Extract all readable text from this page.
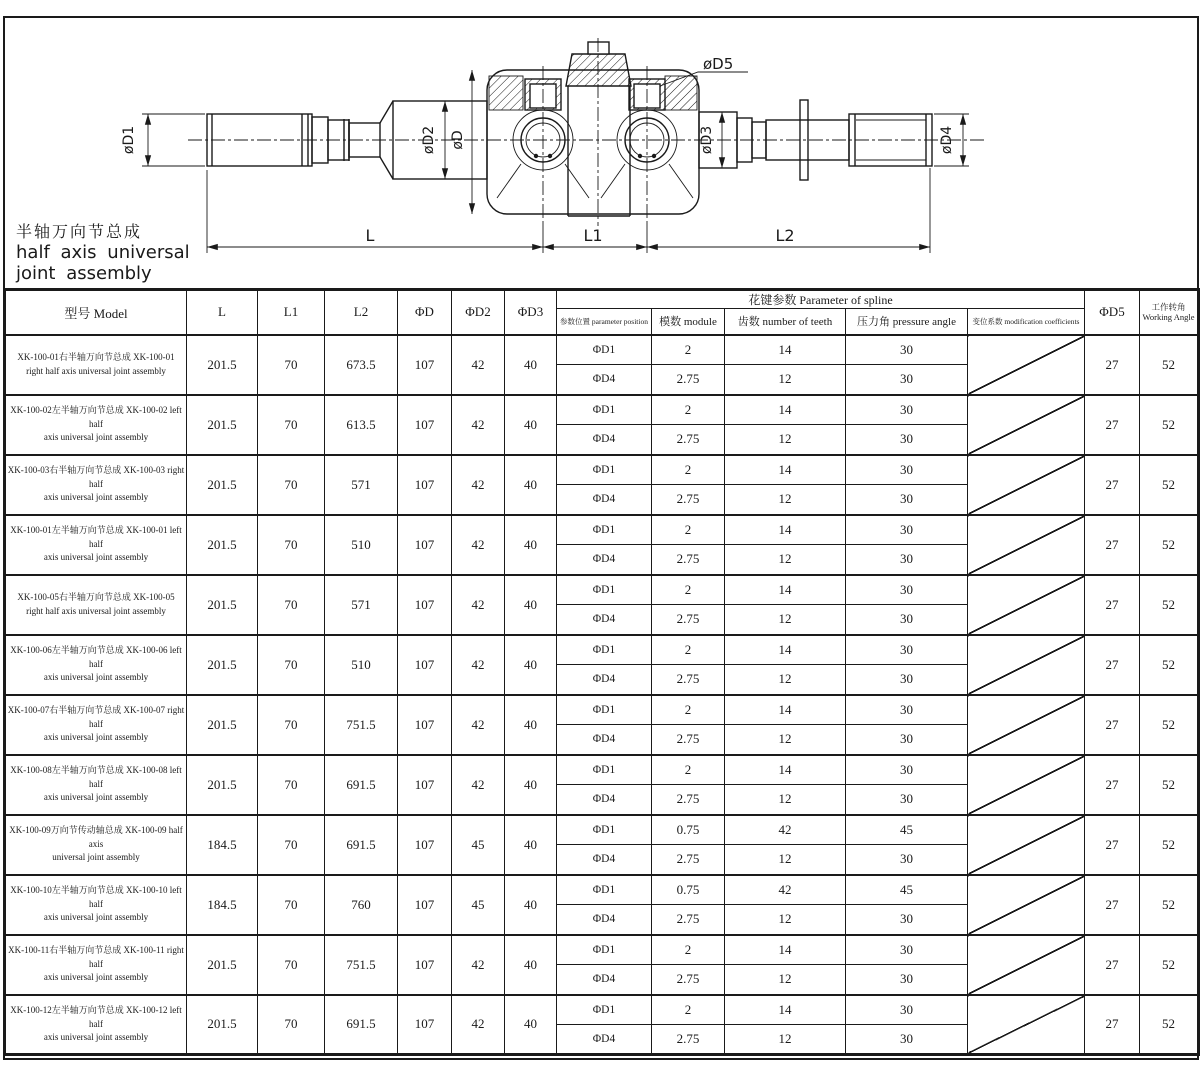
øD1	øD2 øD	øD3	øD4
øD5
L	L1	L2
半轴万向节总成
half axis universal
joint assembly
型号 Model	L	L1	L2	ΦD	ΦD2	ΦD3	花键参数 Parameter of spline					ΦD5	工作转角
Working Angle

							参数位置 parameter position	模数 module	齿数 number of teeth	压力角 pressure angle	变位系数 modification coefficients		

XK-100-01右半轴万向节总成 XK-100-01
right half axis universal joint assembly	201.5	70	673.5	107	42	40	ΦD1	2	14	30		27	52
							ΦD4	2.75	12	30			

XK-100-02左半轴万向节总成 XK-100-02 left half
axis universal joint assembly	201.5	70	613.5	107	42	40	ΦD1	2	14	30		27	52
							ΦD4	2.75	12	30			

XK-100-03右半轴万向节总成 XK-100-03 right half
axis universal joint assembly	201.5	70	571	107	42	40	ΦD1	2	14	30		27	52
							ΦD4	2.75	12	30			

XK-100-01左半轴万向节总成 XK-100-01 left half
axis universal joint assembly	201.5	70	510	107	42	40	ΦD1	2	14	30		27	52
							ΦD4	2.75	12	30			

XK-100-05右半轴万向节总成 XK-100-05
right half axis universal joint assembly	201.5	70	571	107	42	40	ΦD1	2	14	30		27	52
							ΦD4	2.75	12	30			

XK-100-06左半轴万向节总成 XK-100-06 left half
axis universal joint assembly	201.5	70	510	107	42	40	ΦD1	2	14	30		27	52
							ΦD4	2.75	12	30			

XK-100-07右半轴万向节总成 XK-100-07 right half
axis universal joint assembly	201.5	70	751.5	107	42	40	ΦD1	2	14	30		27	52
							ΦD4	2.75	12	30			

XK-100-08左半轴万向节总成 XK-100-08 left half
axis universal joint assembly	201.5	70	691.5	107	42	40	ΦD1	2	14	30		27	52
							ΦD4	2.75	12	30			

XK-100-09万向节传动轴总成 XK-100-09 half axis
universal joint assembly	184.5	70	691.5	107	45	40	ΦD1	0.75	42	45		27	52
							ΦD4	2.75	12	30			

XK-100-10左半轴万向节总成 XK-100-10 left half
axis universal joint assembly	184.5	70	760	107	45	40	ΦD1	0.75	42	45		27	52
							ΦD4	2.75	12	30			

XK-100-11右半轴万向节总成 XK-100-11 right half
axis universal joint assembly	201.5	70	751.5	107	42	40	ΦD1	2	14	30		27	52
							ΦD4	2.75	12	30			

XK-100-12左半轴万向节总成 XK-100-12 left half
axis universal joint assembly	201.5	70	691.5	107	42	40	ΦD1	2	14	30		27	52
							ΦD4	2.75	12	30			
